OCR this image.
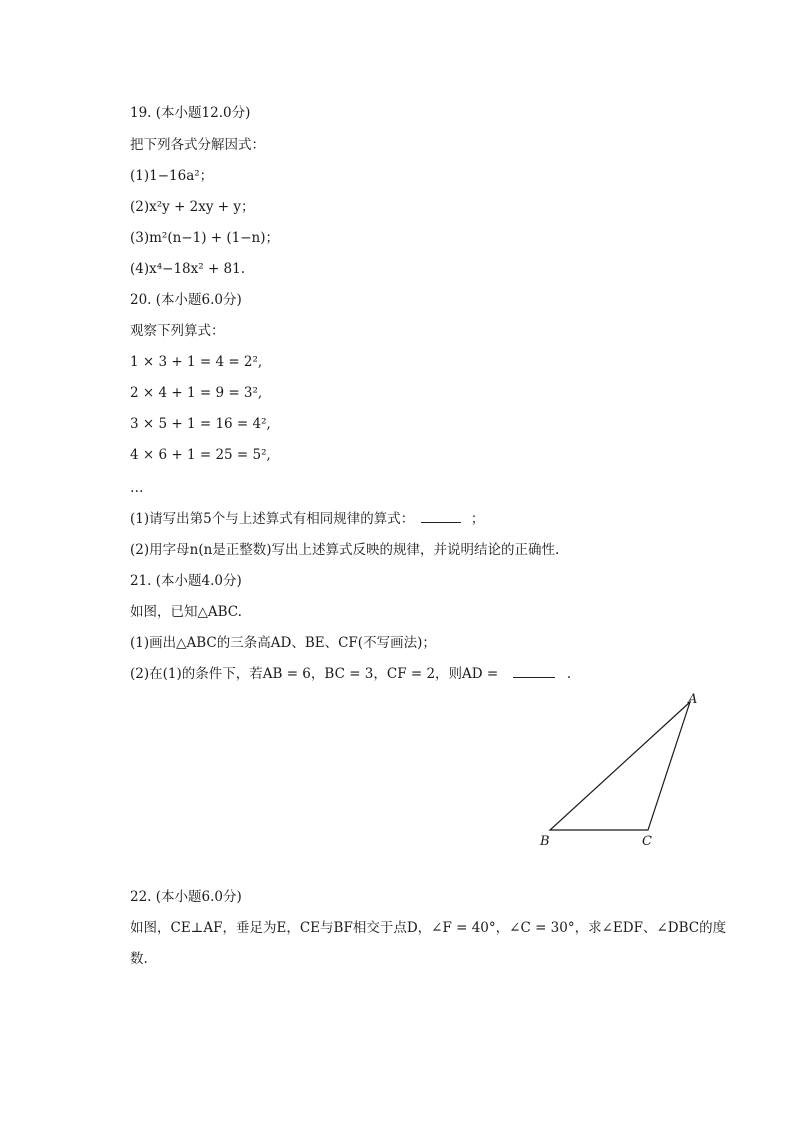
19. (本小题12.0分)
把下列各式分解因式：
(1)1−16a²；
(2)x²y + 2xy + y；
(3)m²(n−1) + (1−n)；
(4)x⁴−18x² + 81.
20. (本小题6.0分)
观察下列算式：
1 × 3 + 1 = 4 = 2²,
2 × 4 + 1 = 9 = 3²,
3 × 5 + 1 = 16 = 4²,
4 × 6 + 1 = 25 = 5²,
…
(1)请写出第5个与上述算式有相同规律的算式：	；
(2)用字母n(n是正整数)写出上述算式反映的规律，并说明结论的正确性.
21. (本小题4.0分)
如图，已知△ABC.
(1)画出△ABC的三条高AD、BE、CF(不写画法)；
(2)在(1)的条件下，若AB = 6，BC = 3，CF = 2，则AD =	.
A
B	C
22. (本小题6.0分)
如图，CE⊥AF，垂足为E，CE与BF相交于点D，∠F = 40°，∠C = 30°，求∠EDF、∠DBC的度
数.
